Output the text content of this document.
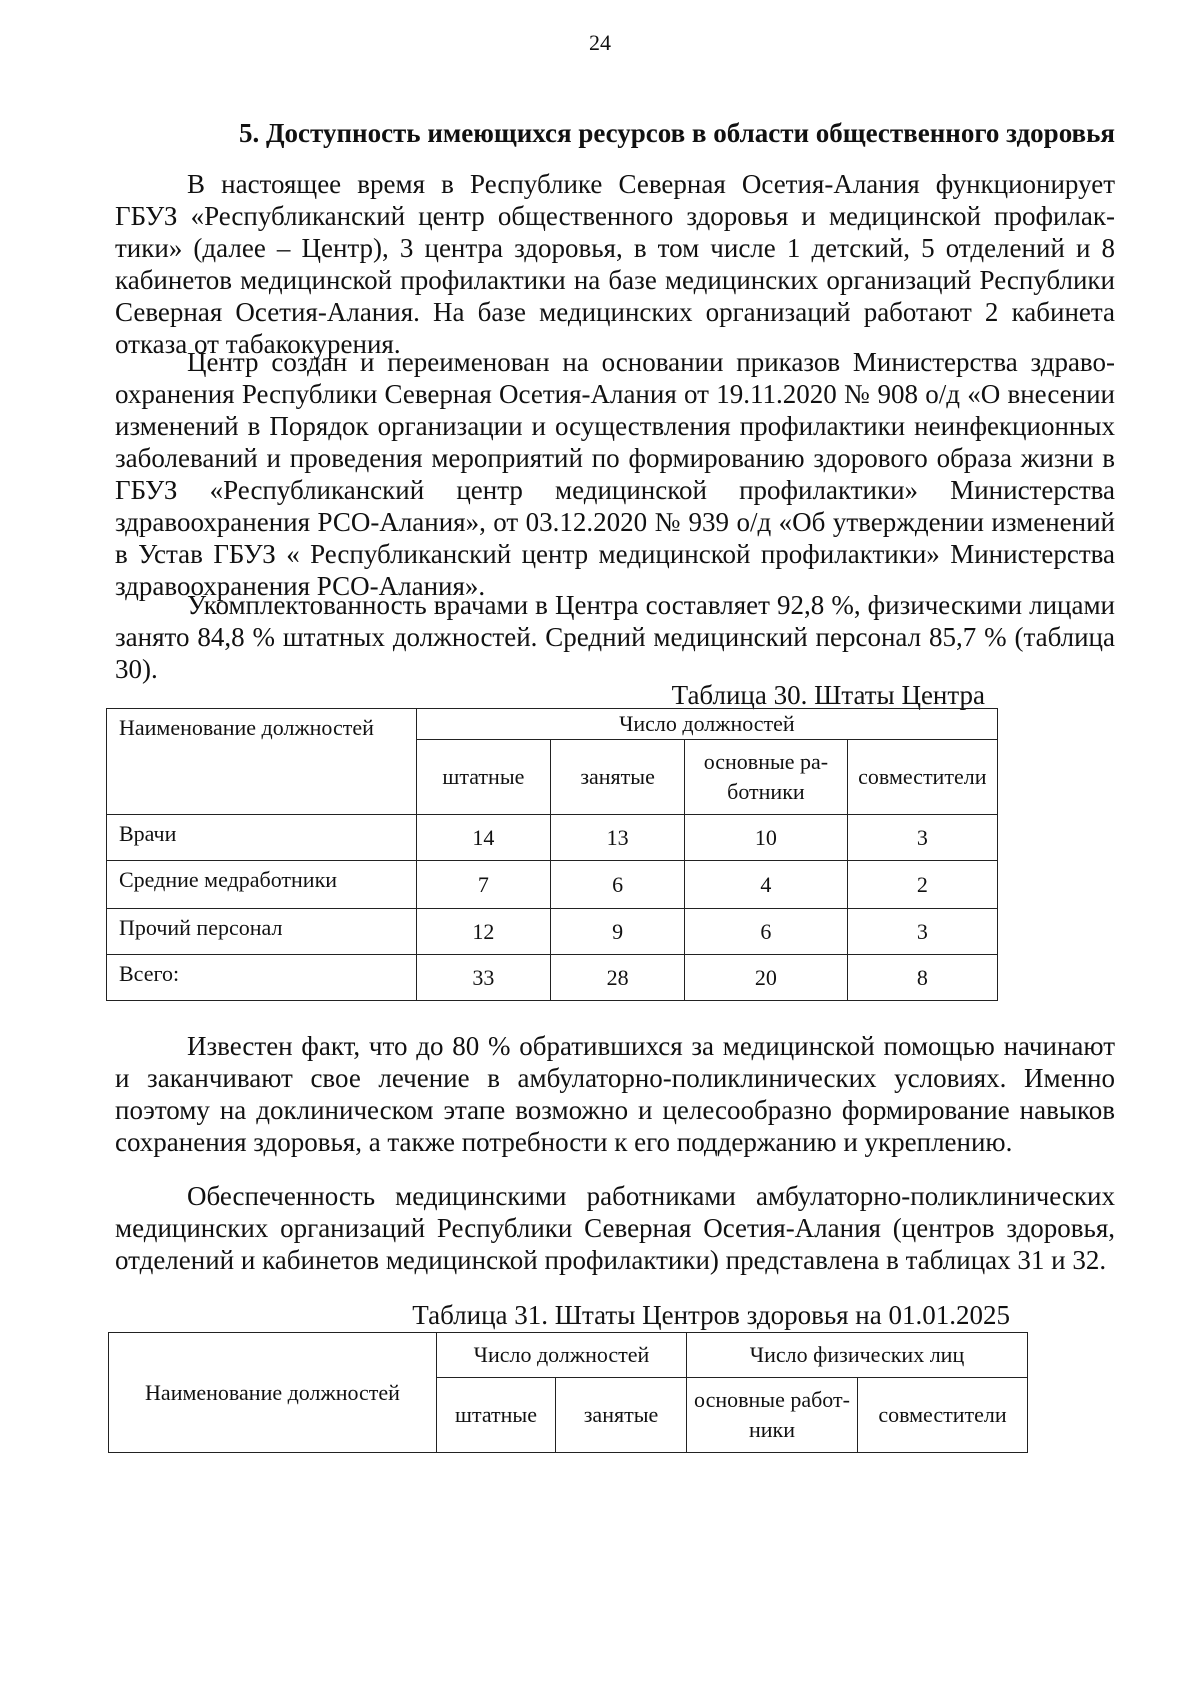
24
5. Доступность имеющихся ресурсов в области общественного здоровья

В настоящее время в Республике Северная Осетия-Алания функционирует ГБУЗ «Республиканский центр общественного здоровья и медицинской профилактики» (далее – Центр), 3 центра здоровья, в том числе 1 детский, 5 отделений и 8 кабинетов медицинской профилактики на базе медицинских организаций Республики Северная Осетия-Алания. На базе медицинских организаций работают 2 кабинета отказа от табакокурения.

Центр создан и переименован на основании приказов Министерства здравоохранения Республики Северная Осетия-Алания от 19.11.2020 № 908 о/д «О внесении изменений в Порядок организации и осуществления профилактики неинфекционных заболеваний и проведения мероприятий по формированию здорового образа жизни в ГБУЗ «Республиканский центр медицинской профилактики» Министерства здравоохранения РСО-Алания», от 03.12.2020 № 939 о/д «Об утверждении изменений в Устав ГБУЗ « Республиканский центр медицинской профилактики» Министерства здравоохранения РСО-Алания».

Укомплектованность врачами в Центра составляет 92,8 %, физическими лицами занято 84,8 % штатных должностей. Средний медицинский персонал 85,7 % (таблица 30).

Таблица 30. Штаты Центра
Наименование должностей	Число должностей			
	штатные	занятые	основные работники	совместители
Врачи	14	13	10	3
Средние медработники	7	6	4	2
Прочий персонал	12	9	6	3
Всего:	33	28	20	8

Известен факт, что до 80 % обратившихся за медицинской помощью начинают и заканчивают свое лечение в амбулаторно-поликлинических условиях. Именно поэтому на доклиническом этапе возможно и целесообразно формирование навыков сохранения здоровья, а также потребности к его поддержанию и укреплению.

Обеспеченность медицинскими работниками амбулаторно-поликлинических медицинских организаций Республики Северная Осетия-Алания (центров здоровья, отделений и кабинетов медицинской профилактики) представлена в таблицах 31 и 32.

Таблица 31. Штаты Центров здоровья на 01.01.2025
Наименование должностей	Число должностей		Число физических лиц	
	штатные	занятые	основные работники	совместители
